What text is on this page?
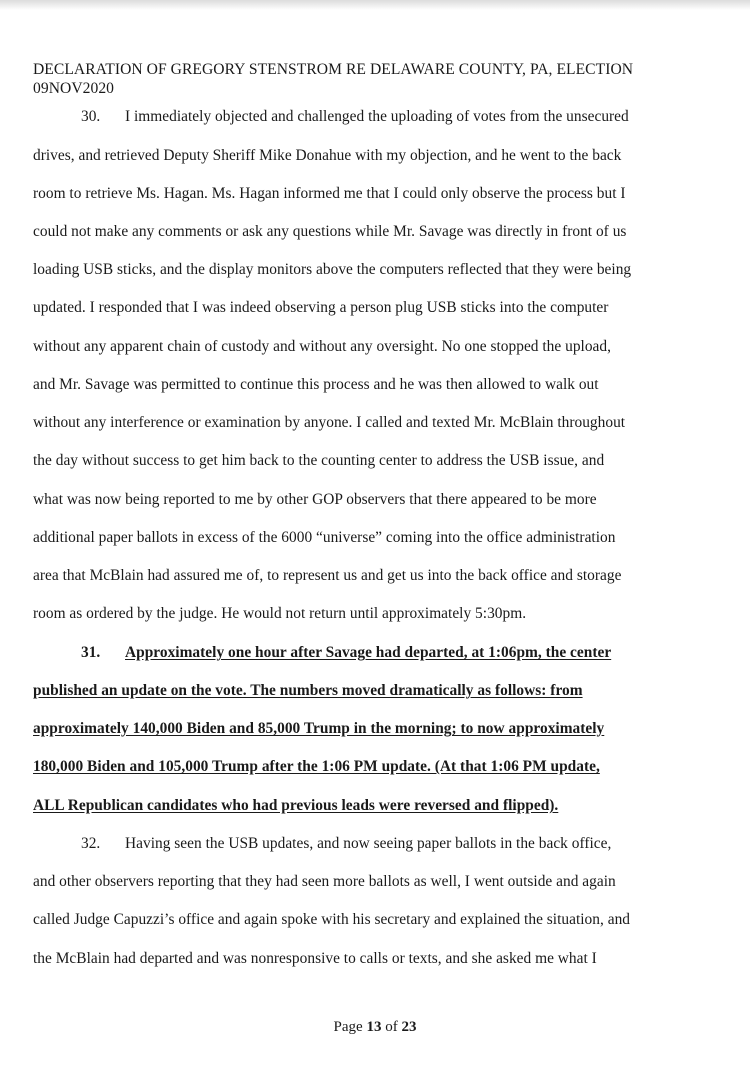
DECLARATION OF GREGORY STENSTROM RE DELAWARE COUNTY, PA, ELECTION
09NOV2020
30. I immediately objected and challenged the uploading of votes from the unsecured
drives, and retrieved Deputy Sheriff Mike Donahue with my objection, and he went to the back
room to retrieve Ms. Hagan. Ms. Hagan informed me that I could only observe the process but I
could not make any comments or ask any questions while Mr. Savage was directly in front of us
loading USB sticks, and the display monitors above the computers reflected that they were being
updated. I responded that I was indeed observing a person plug USB sticks into the computer
without any apparent chain of custody and without any oversight. No one stopped the upload,
and Mr. Savage was permitted to continue this process and he was then allowed to walk out
without any interference or examination by anyone. I called and texted Mr. McBlain throughout
the day without success to get him back to the counting center to address the USB issue, and
what was now being reported to me by other GOP observers that there appeared to be more
additional paper ballots in excess of the 6000 “universe” coming into the office administration
area that McBlain had assured me of, to represent us and get us into the back office and storage
room as ordered by the judge. He would not return until approximately 5:30pm.
31. Approximately one hour after Savage had departed, at 1:06pm, the center
published an update on the vote. The numbers moved dramatically as follows: from
approximately 140,000 Biden and 85,000 Trump in the morning; to now approximately
180,000 Biden and 105,000 Trump after the 1:06 PM update. (At that 1:06 PM update,
ALL Republican candidates who had previous leads were reversed and flipped).
32. Having seen the USB updates, and now seeing paper ballots in the back office,
and other observers reporting that they had seen more ballots as well, I went outside and again
called Judge Capuzzi’s office and again spoke with his secretary and explained the situation, and
the McBlain had departed and was nonresponsive to calls or texts, and she asked me what I
Page 13 of 23
